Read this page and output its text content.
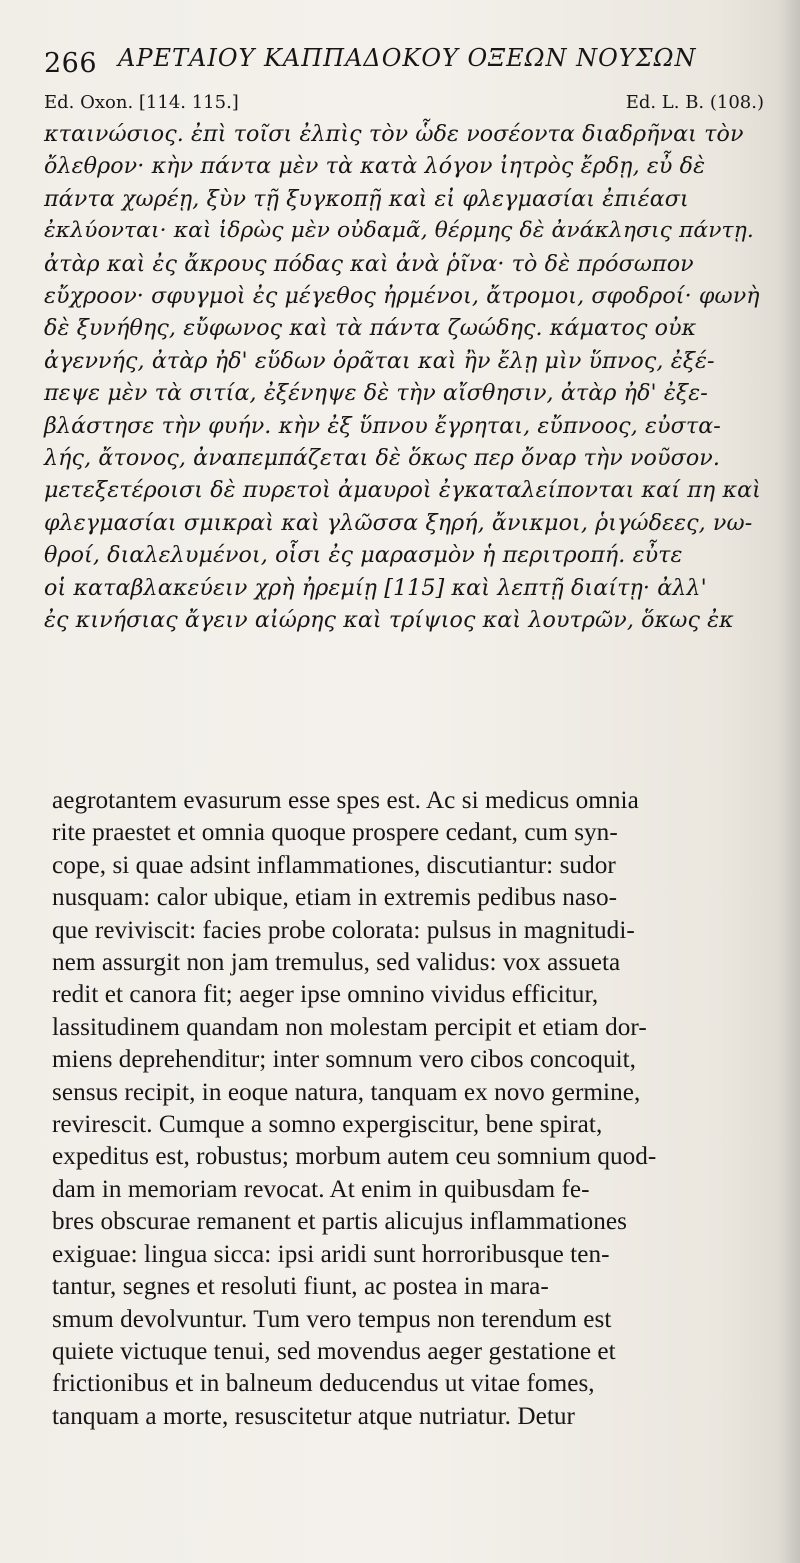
266 ΑΡΕΤΑΙΟΥ ΚΑΠΠΑΔΟΚΟΥ ΟΞΕΩΝ ΝΟΥΣΩΝ
Ed. Oxon. [114. 115.]	Ed. L. B. (108.)
κταινώσιος. ἐπὶ τοῖσι ἐλπὶς τὸν ὧδε νοσέοντα διαδρῆναι τὸν
ὄλεθρον· κὴν πάντα μὲν τὰ κατὰ λόγον ἰητρὸς ἔρδῃ, εὖ δὲ
πάντα χωρέῃ, ξὺν τῇ ξυγκοπῇ καὶ εἰ φλεγμασίαι ἐπιέασι
ἐκλύονται· καὶ ἱδρὼς μὲν οὐδαμᾶ, θέρμης δὲ ἀνάκλησις πάντῃ.
ἀτὰρ καὶ ἐς ἄκρους πόδας καὶ ἀνὰ ῥῖνα· τὸ δὲ πρόσωπον
εὔχροον· σφυγμοὶ ἐς μέγεθος ἠρμένοι, ἄτρομοι, σφοδροί· φωνὴ
δὲ ξυνήθης, εὔφωνος καὶ τὰ πάντα ζωώδης. κάματος οὐκ
ἀγεννής, ἀτὰρ ἠδ' εὕδων ὁρᾶται καὶ ἢν ἔλῃ μὶν ὕπνος, ἐξέ-
πεψε μὲν τὰ σιτία, ἐξένηψε δὲ τὴν αἴσθησιν, ἀτὰρ ἠδ' ἐξε-
βλάστησε τὴν φυήν. κὴν ἐξ ὕπνου ἔγρηται, εὔπνοος, εὐστα-
λής, ἄτονος, ἀναπεμπάζεται δὲ ὅκως περ ὄναρ τὴν νοῦσον.
μετεξετέροισι δὲ πυρετοὶ ἀμαυροὶ ἐγκαταλείπονται καί πη καὶ
φλεγμασίαι σμικραὶ καὶ γλῶσσα ξηρή, ἄνικμοι, ῥιγώδεες, νω-
θροί, διαλελυμένοι, οἷσι ἐς μαρασμὸν ἡ περιτροπή. εὖτε
οἱ καταβλακεύειν χρὴ ἠρεμίῃ [115] καὶ λεπτῇ διαίτῃ· ἀλλ'
ἐς κινήσιας ἄγειν αἰώρης καὶ τρίψιος καὶ λουτρῶν, ὅκως ἐκ
aegrotantem evasurum esse spes est. Ac si medicus omnia
rite praestet et omnia quoque prospere cedant, cum syn-
cope, si quae adsint inflammationes, discutiantur: sudor
nusquam: calor ubique, etiam in extremis pedibus naso-
que reviviscit: facies probe colorata: pulsus in magnitudi-
nem assurgit non jam tremulus, sed validus: vox assueta
redit et canora fit; aeger ipse omnino vividus efficitur,
lassitudinem quandam non molestam percipit et etiam dor-
miens deprehenditur; inter somnum vero cibos concoquit,
sensus recipit, in eoque natura, tanquam ex novo germine,
revirescit. Cumque a somno expergiscitur, bene spirat,
expeditus est, robustus; morbum autem ceu somnium quod-
dam in memoriam revocat. At enim in quibusdam fe-
bres obscurae remanent et partis alicujus inflammationes
exiguae: lingua sicca: ipsi aridi sunt horroribusque ten-
tantur, segnes et resoluti fiunt, ac postea in mara-
smum devolvuntur. Tum vero tempus non terendum est
quiete victuque tenui, sed movendus aeger gestatione et
frictionibus et in balneum deducendus ut vitae fomes,
tanquam a morte, resuscitetur atque nutriatur. Detur
